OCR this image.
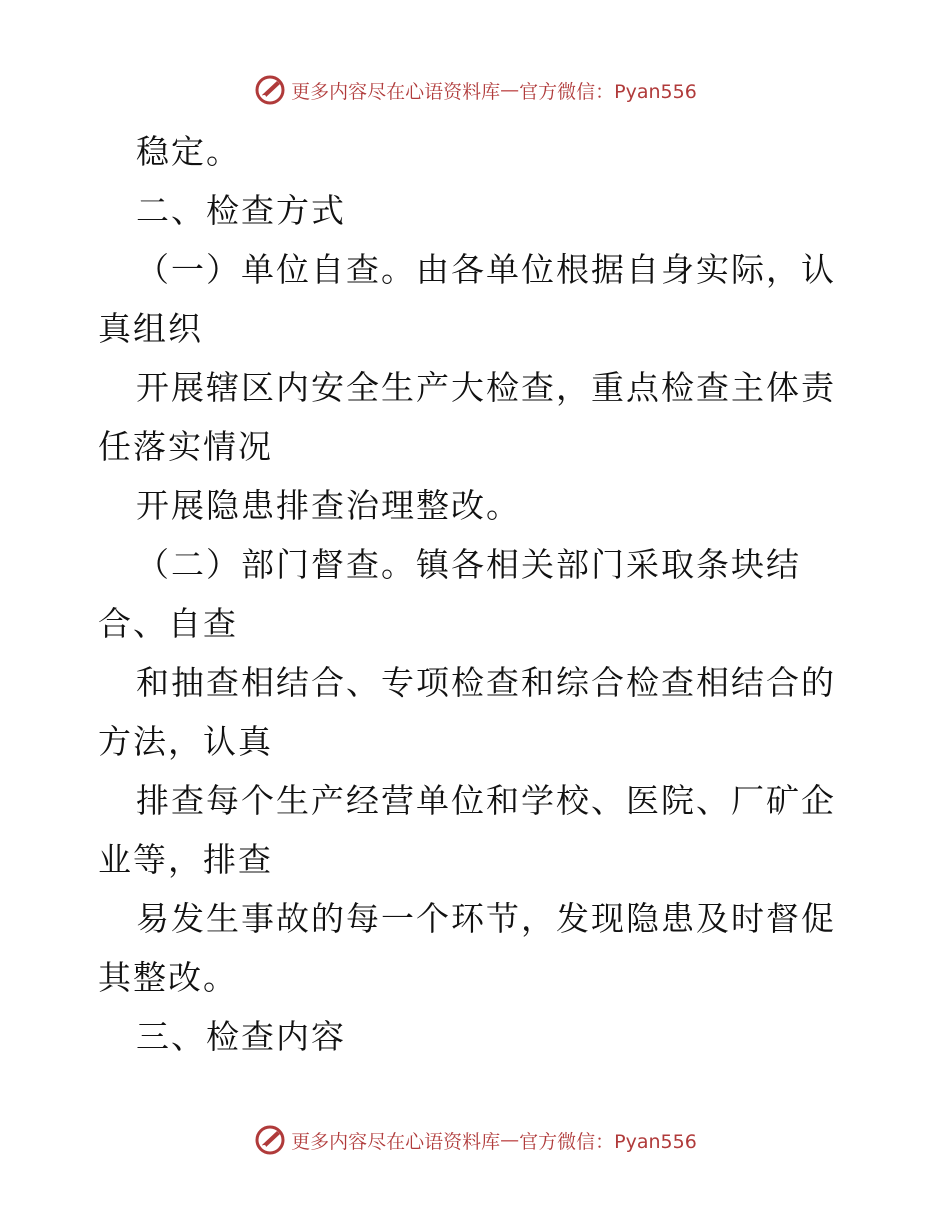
更多内容尽在心语资料库 — 官方微信：Pyan556

稳定。

二、检查方式

（一）单位自查。由各单位根据自身实际，认真组织

开展辖区内安全生产大检查，重点检查主体责任落实情况

开展隐患排查治理整改。

（二）部门督查。镇各相关部门采取条块结合、自查

和抽查相结合、专项检查和综合检查相结合的方法，认真

排查每个生产经营单位和学校、医院、厂矿企业等，排查

易发生事故的每一个环节，发现隐患及时督促其整改。

三、检查内容

更多内容尽在心语资料库 — 官方微信：Pyan556
